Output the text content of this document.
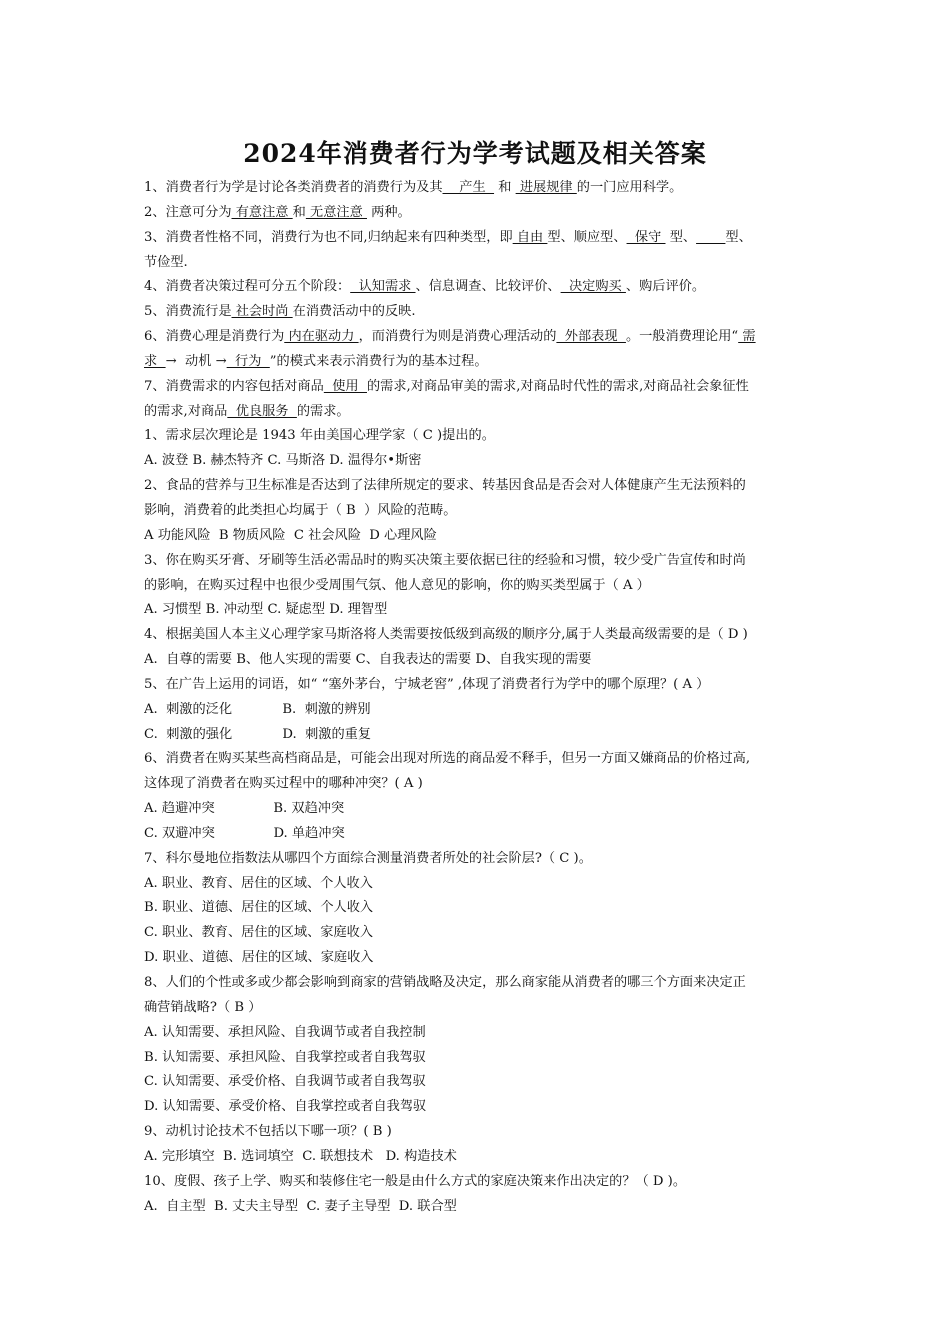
2024年消费者行为学考试题及相关答案
1、消费者行为学是讨论各类消费者的消费行为及其    产生   和  进展规律 的一门应用科学。
2、注意可分为 有意注意 和 无意注意  两种。
3、消费者性格不同，消费行为也不同,归纳起来有四种类型，即 自由 型、顺应型、  保守  型、 型、
节俭型.
4、消费者决策过程可分五个阶段：  认知需求 、信息调查、比较评价、  决定购买 、购后评价。
5、消费流行是 社会时尚 在消费活动中的反映.
6、消费心理是消费行为 内在驱动力 ，而消费行为则是消费心理活动的  外部表现  。一般消费理论用“ 需
求  →  动机 →  行为  ”的模式来表示消费行为的基本过程。
7、消费需求的内容包括对商品  使用  的需求,对商品审美的需求,对商品时代性的需求,对商品社会象征性
的需求,对商品  优良服务  的需求。
1、需求层次理论是 1943 年由美国心理学家（ C )提出的。
A. 波登 B. 赫杰特齐 C. 马斯洛 D. 温得尔•斯密
2、食品的营养与卫生标准是否达到了法律所规定的要求、转基因食品是否会对人体健康产生无法预料的
影响，消费着的此类担心均属于（ B  ）风险的范畴。
A 功能风险  B 物质风险  C 社会风险  D 心理风险
3、你在购买牙膏、牙刷等生活必需品时的购买决策主要依据已往的经验和习惯，较少受广告宣传和时尚
的影响，在购买过程中也很少受周围气氛、他人意见的影响，你的购买类型属于（ A ）
A. 习惯型 B. 冲动型 C. 疑虑型 D. 理智型
4、根据美国人本主义心理学家马斯洛将人类需要按低级到高级的顺序分,属于人类最高级需要的是（ D )
A.  自尊的需要 B、他人实现的需要 C、自我表达的需要 D、自我实现的需要
5、在广告上运用的词语，如“ “塞外茅台，宁城老窖” ,体现了消费者行为学中的哪个原理？( A ）
A.  刺激的泛化            B.  刺激的辨别
C.  刺激的强化            D.  刺激的重复
6、消费者在购买某些高档商品是，可能会出现对所选的商品爱不释手，但另一方面又嫌商品的价格过高,
这体现了消费者在购买过程中的哪种冲突？( A )
A. 趋避冲突              B. 双趋冲突
C. 双避冲突              D. 单趋冲突
7、科尔曼地位指数法从哪四个方面综合测量消费者所处的社会阶层?（ C )。
A. 职业、教育、居住的区域、个人收入
B. 职业、道德、居住的区域、个人收入
C. 职业、教育、居住的区域、家庭收入
D. 职业、道德、居住的区域、家庭收入
8、人们的个性或多或少都会影响到商家的营销战略及决定，那么商家能从消费者的哪三个方面来决定正
确营销战略?（ B ）
A. 认知需要、承担风险、自我调节或者自我控制
B. 认知需要、承担风险、自我掌控或者自我驾驭
C. 认知需要、承受价格、自我调节或者自我驾驭
D. 认知需要、承受价格、自我掌控或者自我驾驭
9、动机讨论技术不包括以下哪一项？( B )
A. 完形填空  B. 选词填空  C. 联想技术   D. 构造技术
10、度假、孩子上学、购买和装修住宅一般是由什么方式的家庭决策来作出决定的？（ D )。
A.  自主型  B. 丈夫主导型  C. 妻子主导型  D. 联合型
